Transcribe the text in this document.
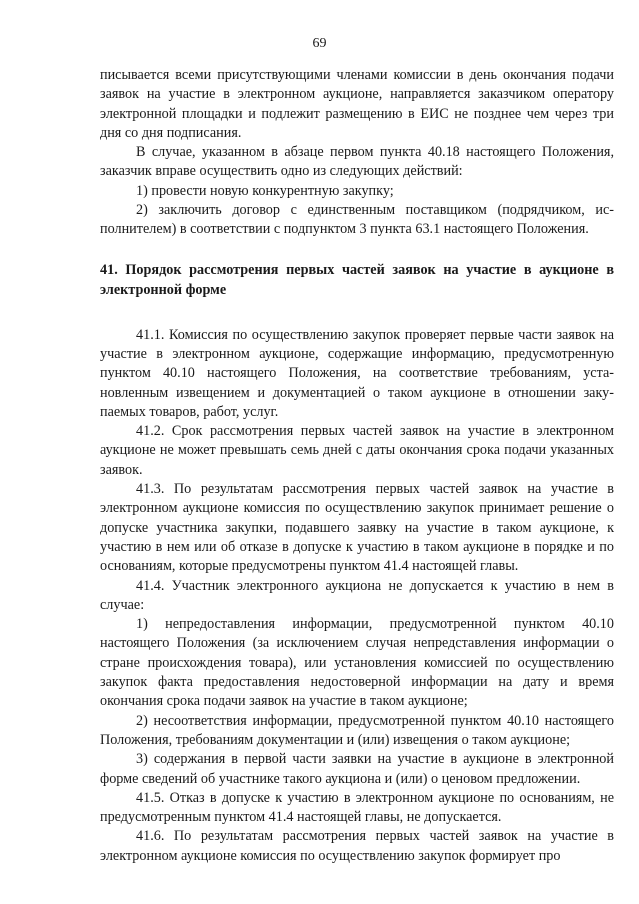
69

писывается всеми присутствующими членами комиссии в день окончания подачи заявок на участие в электронном аукционе, направляется заказчиком оператору электронной площадки и подлежит размещению в ЕИС не позднее чем через три дня со дня подписания.

В случае, указанном в абзаце первом пункта 40.18 настоящего Положения, заказчик вправе осуществить одно из следующих действий:

1) провести новую конкурентную закупку;

2) заключить договор с единственным поставщиком (подрядчиком, исполнителем) в соответствии с подпунктом 3 пункта 63.1 настоящего Положения.

41. Порядок рассмотрения первых частей заявок на участие в аукционе в электронной форме

41.1. Комиссия по осуществлению закупок проверяет первые части заявок на участие в электронном аукционе, содержащие информацию, предусмотренную пунктом 40.10 настоящего Положения, на соответствие требованиям, установленным извещением и документацией о таком аукционе в отношении закупаемых товаров, работ, услуг.

41.2. Срок рассмотрения первых частей заявок на участие в электронном аукционе не может превышать семь дней с даты окончания срока подачи указанных заявок.

41.3. По результатам рассмотрения первых частей заявок на участие в электронном аукционе комиссия по осуществлению закупок принимает решение о допуске участника закупки, подавшего заявку на участие в таком аукционе, к участию в нем или об отказе в допуске к участию в таком аукционе в порядке и по основаниям, которые предусмотрены пунктом 41.4 настоящей главы.

41.4. Участник электронного аукциона не допускается к участию в нем в случае:

1) непредоставления информации, предусмотренной пунктом 40.10 настоящего Положения (за исключением случая непредставления информации о стране происхождения товара), или установления комиссией по осуществлению закупок факта предоставления недостоверной информации на дату и время окончания срока подачи заявок на участие в таком аукционе;

2) несоответствия информации, предусмотренной пунктом 40.10 настоящего Положения, требованиям документации и (или) извещения о таком аукционе;

3) содержания в первой части заявки на участие в аукционе в электронной форме сведений об участнике такого аукциона и (или) о ценовом предложении.

41.5. Отказ в допуске к участию в электронном аукционе по основаниям, не предусмотренным пунктом 41.4 настоящей главы, не допускается.

41.6. По результатам рассмотрения первых частей заявок на участие в электронном аукционе комиссия по осуществлению закупок формирует про
